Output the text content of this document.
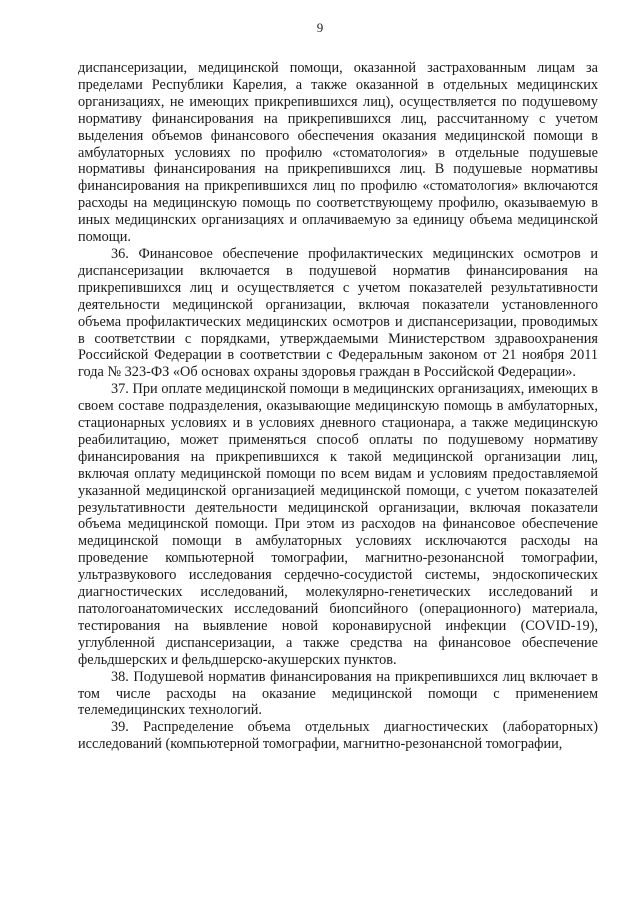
9

диспансеризации, медицинской помощи, оказанной застрахованным лицам за пределами Республики Карелия, а также оказанной в отдельных медицинских организациях, не имеющих прикрепившихся лиц), осуществляется по подушевому нормативу финансирования на прикрепившихся лиц, рассчитанному с учетом выделения объемов финансового обеспечения оказания медицинской помощи в амбулаторных условиях по профилю «стоматология» в отдельные подушевые нормативы финансирования на прикрепившихся лиц. В подушевые нормативы финансирования на прикрепившихся лиц по профилю «стоматология» включаются расходы на медицинскую помощь по соответствующему профилю, оказываемую в иных медицинских организациях и оплачиваемую за единицу объема медицинской помощи.

36. Финансовое обеспечение профилактических медицинских осмотров и диспансеризации включается в подушевой норматив финансирования на прикрепившихся лиц и осуществляется с учетом показателей результативности деятельности медицинской организации, включая показатели установленного объема профилактических медицинских осмотров и диспансеризации, проводимых в соответствии с порядками, утверждаемыми Министерством здравоохранения Российской Федерации в соответствии с Федеральным законом от 21 ноября 2011 года № 323-ФЗ «Об основах охраны здоровья граждан в Российской Федерации».

37. При оплате медицинской помощи в медицинских организациях, имеющих в своем составе подразделения, оказывающие медицинскую помощь в амбулаторных, стационарных условиях и в условиях дневного стационара, а также медицинскую реабилитацию, может применяться способ оплаты по подушевому нормативу финансирования на прикрепившихся к такой медицинской организации лиц, включая оплату медицинской помощи по всем видам и условиям предоставляемой указанной медицинской организацией медицинской помощи, с учетом показателей результативности деятельности медицинской организации, включая показатели объема медицинской помощи. При этом из расходов на финансовое обеспечение медицинской помощи в амбулаторных условиях исключаются расходы на проведение компьютерной томографии, магнитно-резонансной томографии, ультразвукового исследования сердечно-сосудистой системы, эндоскопических диагностических исследований, молекулярно-генетических исследований и патологоанатомических исследований биопсийного (операционного) материала, тестирования на выявление новой коронавирусной инфекции (COVID-19), углубленной диспансеризации, а также средства на финансовое обеспечение фельдшерских и фельдшерско-акушерских пунктов.

38. Подушевой норматив финансирования на прикрепившихся лиц включает в том числе расходы на оказание медицинской помощи с применением телемедицинских технологий.

39. Распределение объема отдельных диагностических (лабораторных) исследований (компьютерной томографии, магнитно-резонансной томографии,
